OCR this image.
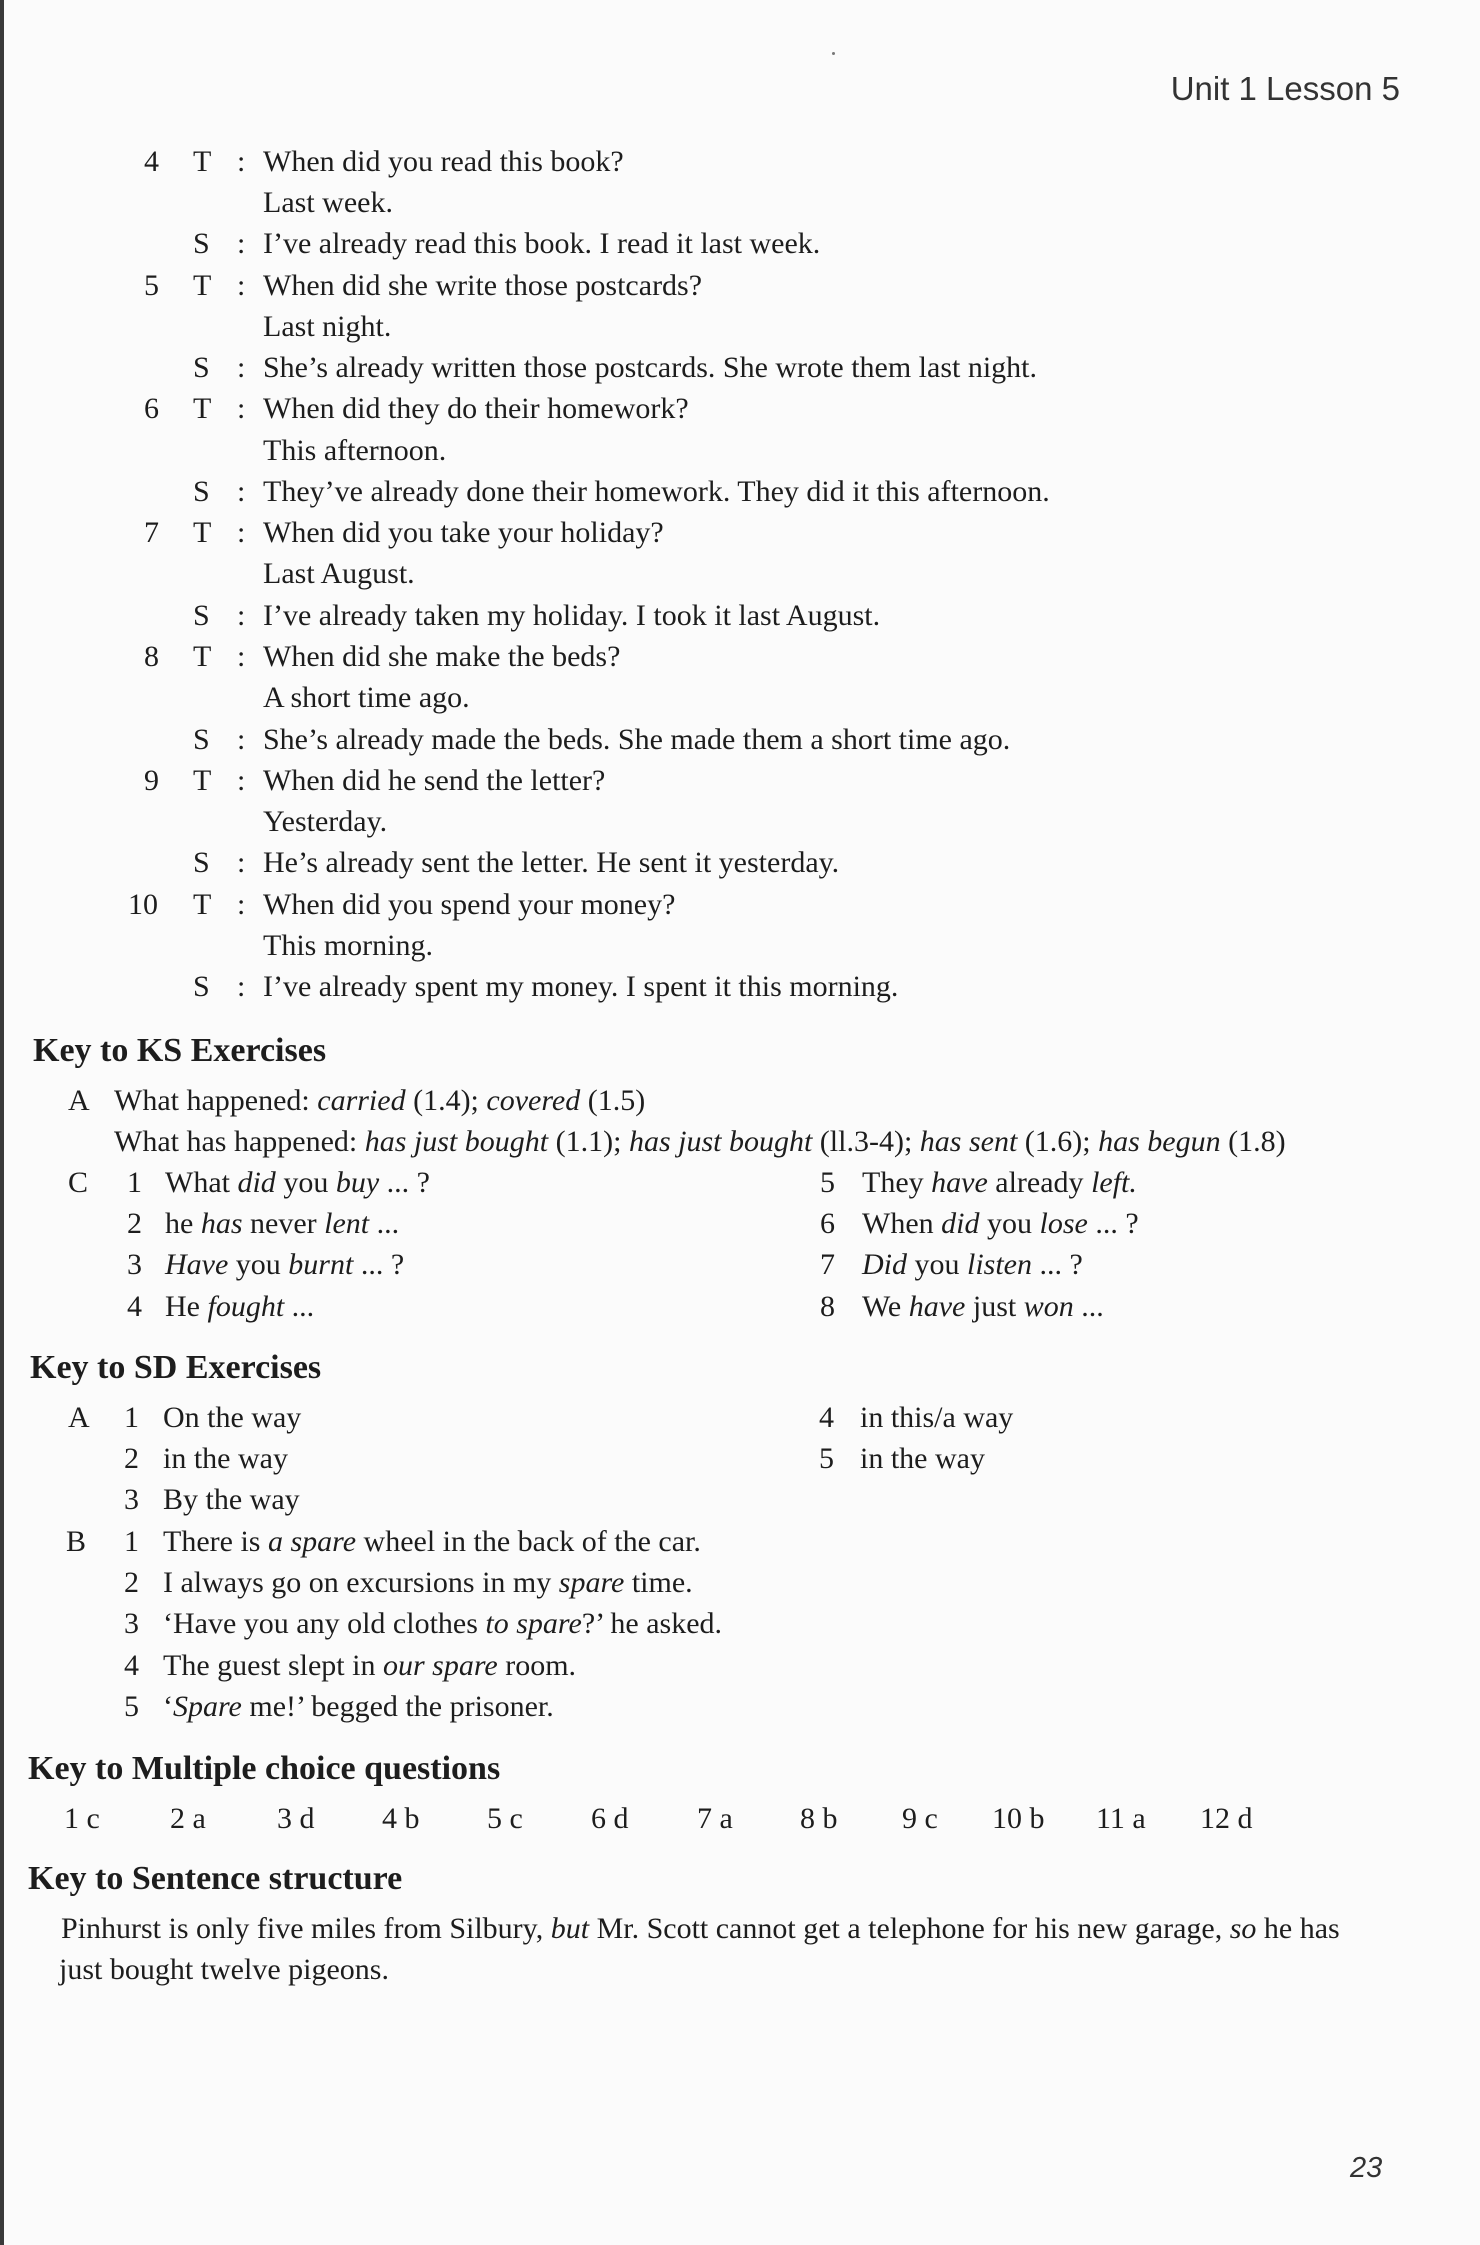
Unit 1 Lesson 5
4 T : When did you read this book?
Last week.
S : I’ve already read this book. I read it last week.
5 T : When did she write those postcards?
Last night.
S : She’s already written those postcards. She wrote them last night.
6 T : When did they do their homework?
This afternoon.
S : They’ve already done their homework. They did it this afternoon.
7 T : When did you take your holiday?
Last August.
S : I’ve already taken my holiday. I took it last August.
8 T : When did she make the beds?
A short time ago.
S : She’s already made the beds. She made them a short time ago.
9 T : When did he send the letter?
Yesterday.
S : He’s already sent the letter. He sent it yesterday.
10 T : When did you spend your money?
This morning.
S : I’ve already spent my money. I spent it this morning.
Key to KS Exercises
A What happened: carried (1.4); covered (1.5)
What has happened: has just bought (1.1); has just bought (ll.3-4); has sent (1.6); has begun (1.8)
C 1 What did you buy ... ?
2 he has never lent ...
3 Have you burnt ... ?
4 He fought ...
5 They have already left.
6 When did you lose ... ?
7 Did you listen ... ?
8 We have just won ...
Key to SD Exercises
A 1 On the way
2 in the way
3 By the way
4 in this/a way
5 in the way
B 1 There is a spare wheel in the back of the car.
2 I always go on excursions in my spare time.
3 ‘Have you any old clothes to spare?’ he asked.
4 The guest slept in our spare room.
5 ‘Spare me!’ begged the prisoner.
Key to Multiple choice questions
1 c 2 a 3 d 4 b 5 c 6 d 7 a 8 b 9 c 10 b 11 a 12 d
Key to Sentence structure
Pinhurst is only five miles from Silbury, but Mr. Scott cannot get a telephone for his new garage, so he has
just bought twelve pigeons.
23
